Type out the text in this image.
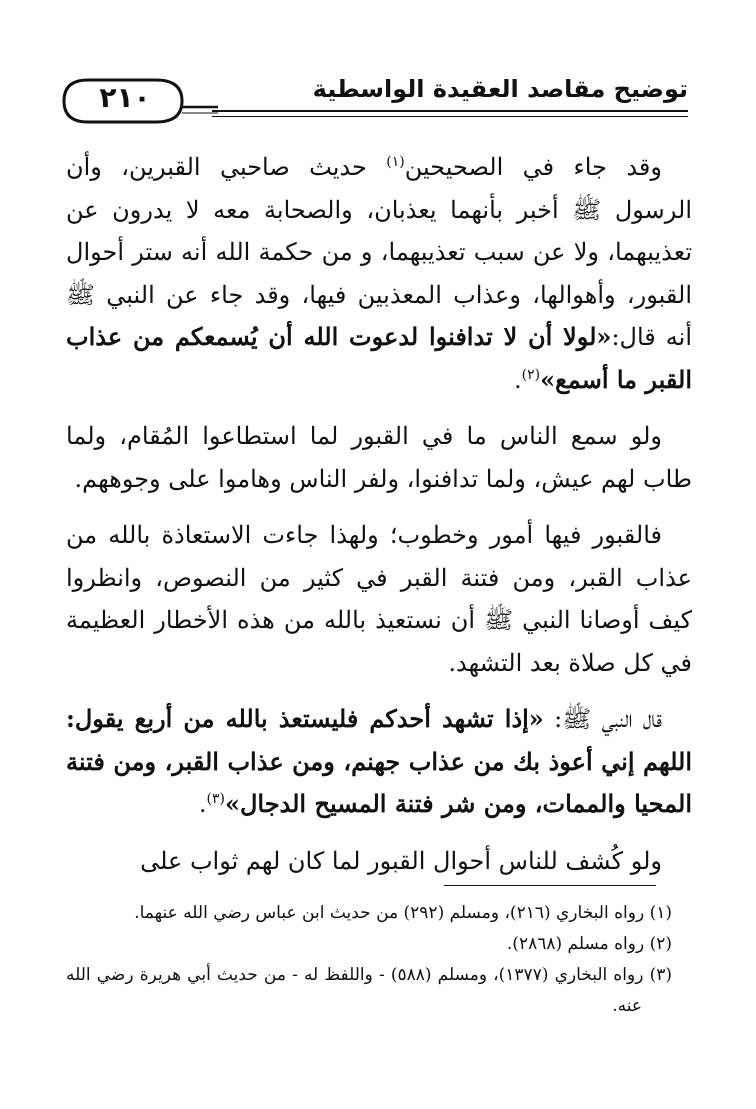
٢١٠	توضيح مقاصد العقيدة الواسطية

وقد جاء في الصحيحين$^{(١)}$ حديث صاحبي القبرين، وأن الرسول ﷺ أخبر بأنهما يعذبان، والصحابة معه لا يدرون عن تعذيبهما، ولا عن سبب تعذيبهما، و من حكمة الله أنه ستر أحوال القبور، وأهوالها، وعذاب المعذبين فيها، وقد جاء عن النبي ﷺ أنه قال:«لولا أن لا تدافنوا لدعوت الله أن يُسمعكم من عذاب القبر ما أسمع»$^{(٢)}$.

ولو سمع الناس ما في القبور لما استطاعوا المُقام، ولما طاب لهم عيش، ولما تدافنوا، ولفر الناس وهاموا على وجوههم.

فالقبور فيها أمور وخطوب؛ ولهذا جاءت الاستعاذة بالله من عذاب القبر، ومن فتنة القبر في كثير من النصوص، وانظروا كيف أوصانا النبي ﷺ أن نستعيذ بالله من هذه الأخطار العظيمة في كل صلاة بعد التشهد.

قال النبي ﷺ: «إذا تشهد أحدكم فليستعذ بالله من أربع يقول: اللهم إني أعوذ بك من عذاب جهنم، ومن عذاب القبر، ومن فتنة المحيا والممات، ومن شر فتنة المسيح الدجال»$^{(٣)}$.

ولو كُشف للناس أحوال القبور لما كان لهم ثواب على

(١) رواه البخاري (٢١٦)، ومسلم (٢٩٢) من حديث ابن عباس رضي الله عنهما.

(٢) رواه مسلم (٢٨٦٨).

(٣) رواه البخاري (١٣٧٧)، ومسلم (٥٨٨) - واللفظ له - من حديث أبي هريرة رضي الله عنه.
